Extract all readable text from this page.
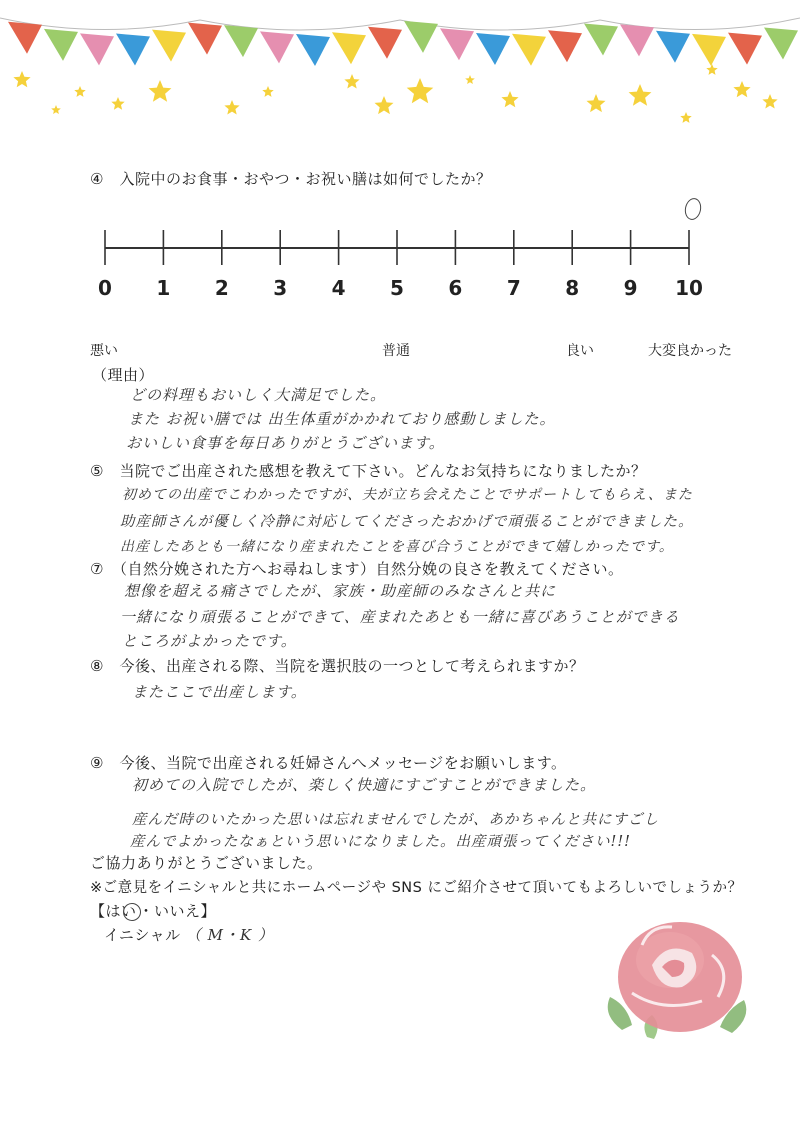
④　入院中のお食事・おやつ・お祝い膳は如何でしたか？
0 1 2 3 4 5 6 7 8 9 10
悪い	普通	良い	大変良かった
（理由）
どの料理もおいしく大満足でした。
また お祝い膳では 出生体重がかかれており感動しました。
おいしい食事を毎日ありがとうございます。
⑤　当院でご出産された感想を教えて下さい。どんなお気持ちになりましたか？
初めての出産でこわかったですが、夫が立ち会えたことでサポートしてもらえ、また
助産師さんが優しく冷静に対応してくださったおかげで頑張ることができました。
出産したあとも一緒になり産まれたことを喜び合うことができて嬉しかったです。
⑦　（自然分娩された方へお尋ねします）自然分娩の良さを教えてください。
想像を超える痛さでしたが、家族・助産師のみなさんと共に
一緒になり頑張ることができて、産まれたあとも一緒に喜びあうことができる
ところがよかったです。
⑧　今後、出産される際、当院を選択肢の一つとして考えられますか？
またここで出産します。
⑨　今後、当院で出産される妊婦さんへメッセージをお願いします。
初めての入院でしたが、楽しく快適にすごすことができました。
産んだ時のいたかった思いは忘れませんでしたが、あかちゃんと共にすごし
産んでよかったなぁという思いになりました。出産頑張ってください!!!
ご協力ありがとうございました。
※ご意見をイニシャルと共にホームページや SNS にご紹介させて頂いてもよろしいでしょうか？
【はい ・いいえ】
イニシャル （ M・K ）
